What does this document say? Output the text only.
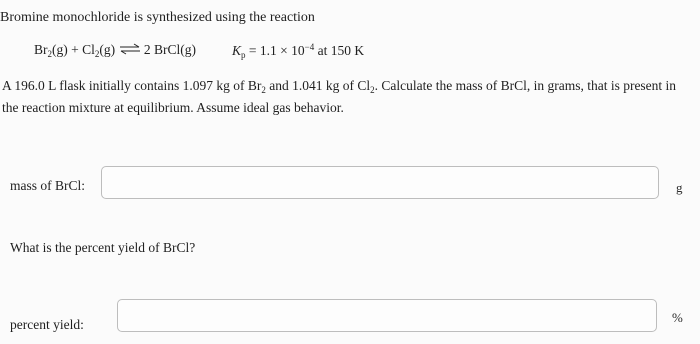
Bromine monochloride is synthesized using the reaction
$Br_2(g) + Cl_2(g)$ ⇌ 2 BrCl(g)	$K_p = 1.1 \times 10^{-4}$ at 150 K
A 196.0 L flask initially contains 1.097 kg of $Br_2$ and 1.041 kg of $Cl_2$. Calculate the mass of BrCl, in grams, that is present in the reaction mixture at equilibrium. Assume ideal gas behavior.
mass of BrCl:	g
What is the percent yield of BrCl?
percent yield:	%
